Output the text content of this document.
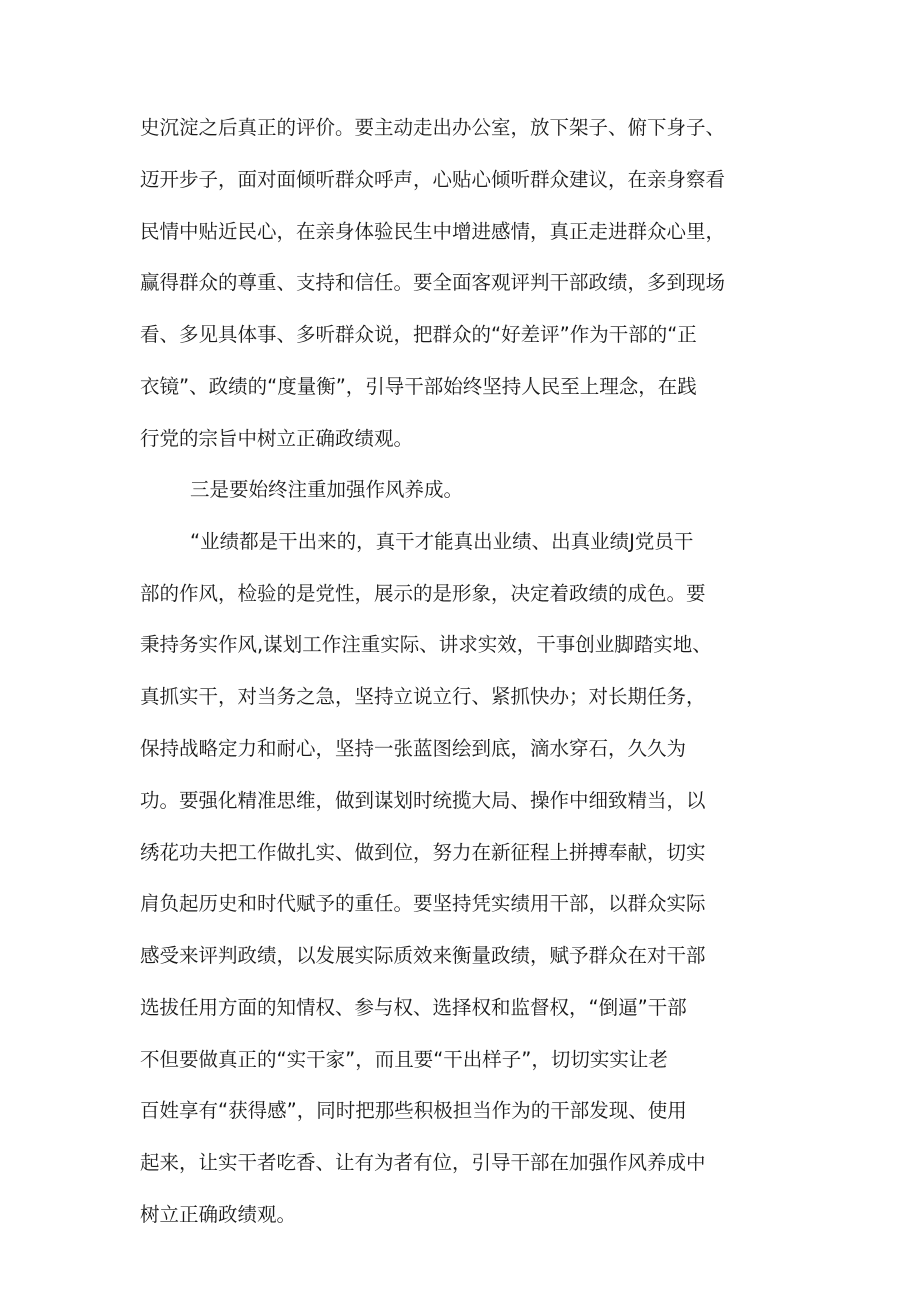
史沉淀之后真正的评价。要主动走出办公室，放下架子、俯下身子、
迈开步子，面对面倾听群众呼声，心贴心倾听群众建议，在亲身察看
民情中贴近民心，在亲身体验民生中增进感情，真正走进群众心里，
赢得群众的尊重、支持和信任。要全面客观评判干部政绩，多到现场
看、多见具体事、多听群众说，把群众的“好差评”作为干部的“正
衣镜”、政绩的“度量衡”，引导干部始终坚持人民至上理念，在践
行党的宗旨中树立正确政绩观。
三是要始终注重加强作风养成。
“业绩都是干出来的，真干才能真出业绩、出真业绩J党员干
部的作风，检验的是党性，展示的是形象，决定着政绩的成色。要
秉持务实作风,谋划工作注重实际、讲求实效，干事创业脚踏实地、
真抓实干，对当务之急，坚持立说立行、紧抓快办；对长期任务，
保持战略定力和耐心，坚持一张蓝图绘到底，滴水穿石，久久为
功。要强化精准思维，做到谋划时统揽大局、操作中细致精当，以
绣花功夫把工作做扎实、做到位，努力在新征程上拼搏奉献，切实
肩负起历史和时代赋予的重任。要坚持凭实绩用干部，以群众实际
感受来评判政绩，以发展实际质效来衡量政绩，赋予群众在对干部
选拔任用方面的知情权、参与权、选择权和监督权，“倒逼”干部
不但要做真正的“实干家”，而且要“干出样子”，切切实实让老
百姓享有“获得感”，同时把那些积极担当作为的干部发现、使用
起来，让实干者吃香、让有为者有位，引导干部在加强作风养成中
树立正确政绩观。
